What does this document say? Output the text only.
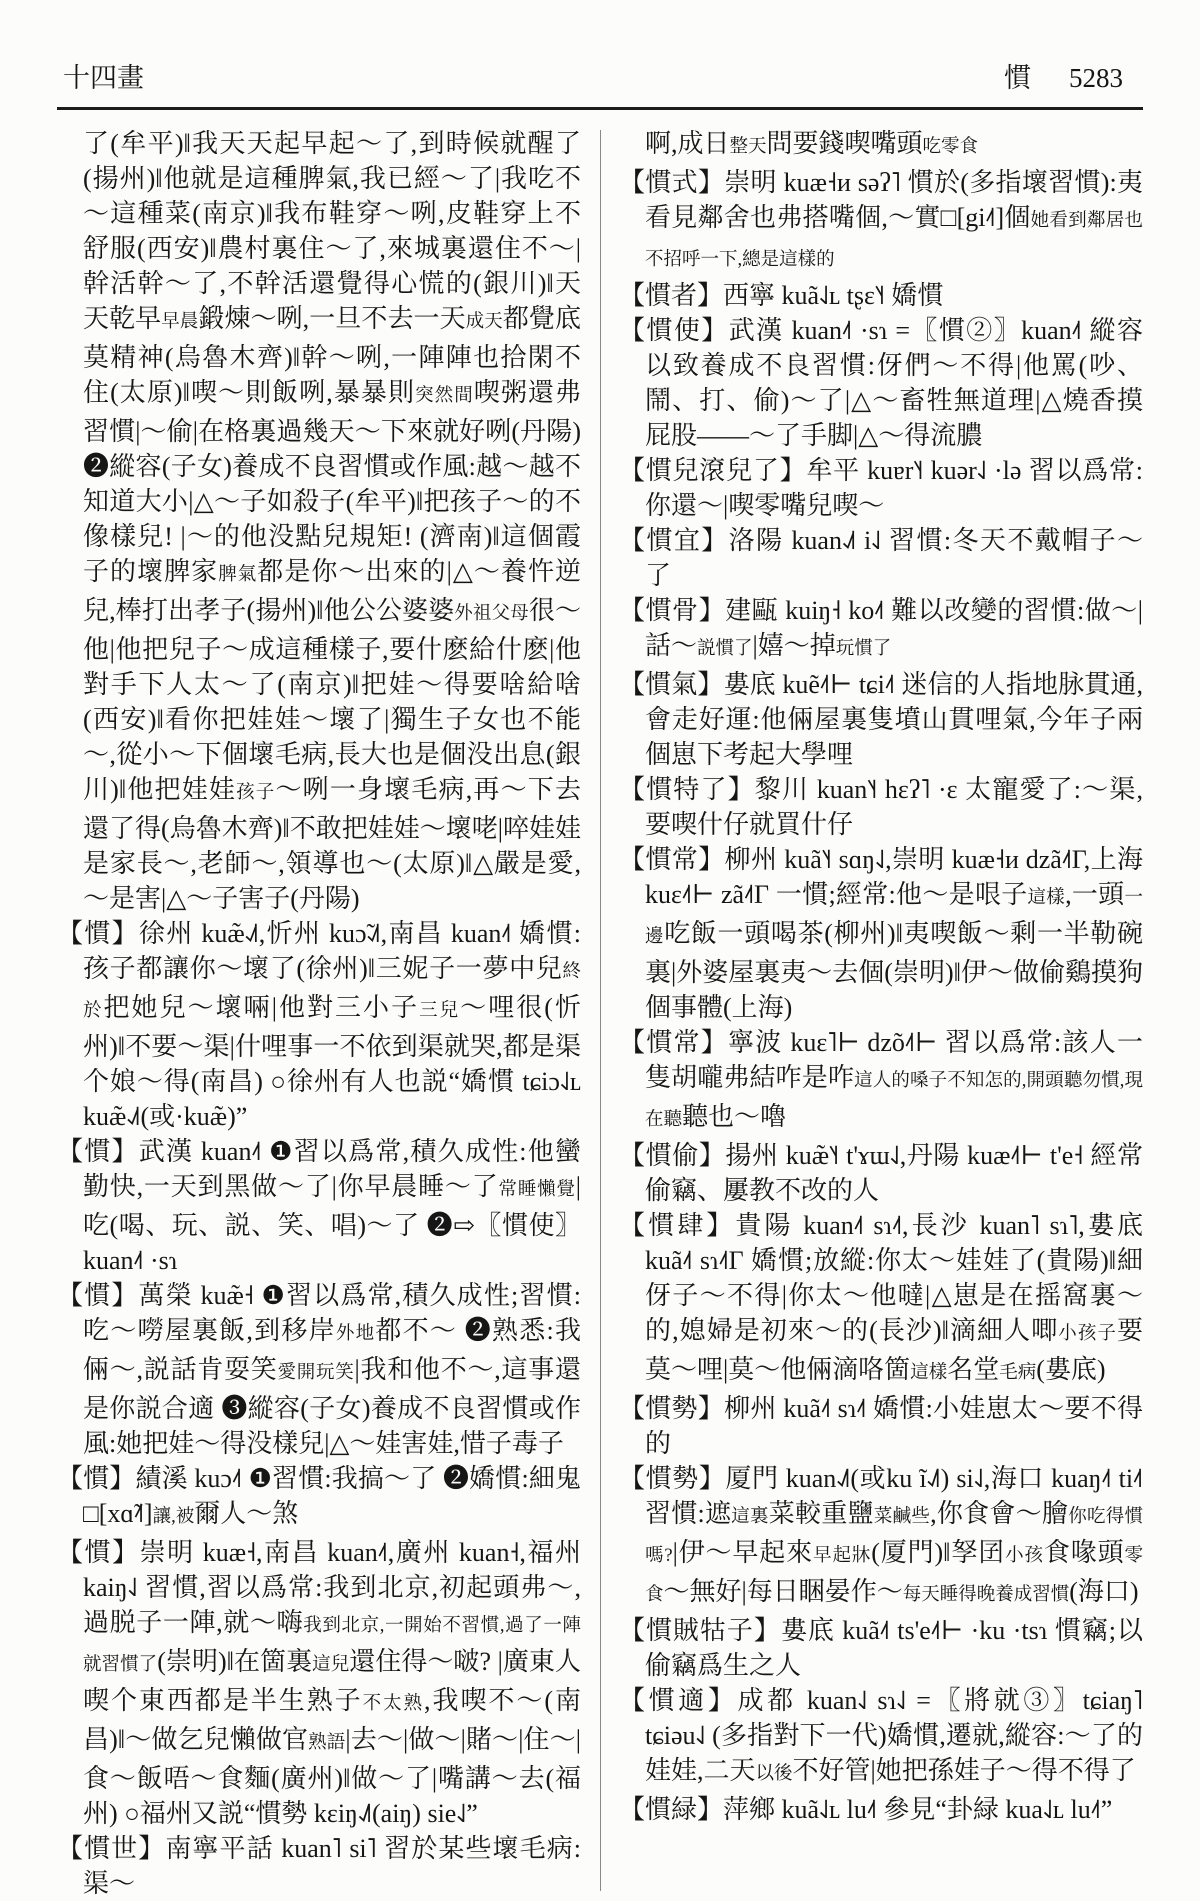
十四畫	慣 5283

了(牟平)‖我天天起早起～了,到時候就醒了(揚州)‖他就是這種脾氣,我已經～了|我吃不～這種菜(南京)‖我布鞋穿～咧,皮鞋穿上不舒服(西安)‖農村裏住～了,來城裏還住不～|幹活幹～了,不幹活還覺得心慌的(銀川)‖天天乾早早晨鍛煉～咧,一旦不去一天成天都覺底莫精神(烏魯木齊)‖幹～咧,一陣陣也拾閑不住(太原)‖喫～則飯咧,暴暴則突然間喫粥還弗習慣|～偷|在格裏過幾天～下來就好咧(丹陽) ❷縱容(子女)養成不良習慣或作風:越～越不知道大小|△～子如殺子(牟平)‖把孩子～的不像樣兒! |～的他没點兒規矩! (濟南)‖這個霞子的壞脾家脾氣都是你～出來的|△～養忤逆兒,棒打出孝子(揚州)‖他公公婆婆外祖父母很～他|他把兒子～成這種樣子,要什麽給什麽|他對手下人太～了(南京)‖把娃～得要啥給啥(西安)‖看你把娃娃～壞了|獨生子女也不能～,從小～下個壞毛病,長大也是個没出息(銀川)‖他把娃娃孩子～咧一身壞毛病,再～下去還了得(烏魯木齊)‖不敢把娃娃～壞咾|啐娃娃是家長～,老師～,領導也～(太原)‖△嚴是愛,～是害|△～子害子(丹陽)

【慣】徐州 kuæ̃˨˩˦,忻州 kuɔ̃˨˩˦,南昌 kuan˨˦ 嬌慣:孩子都讓你～壞了(徐州)‖三妮子一夢中兒終於把她兒～壞啢|他對三小子三兒～哩很(忻州)‖不要～渠|什哩事一不依到渠就哭,都是渠个娘～得(南昌) ○徐州有人也説“嬌慣 tɕiɔ˨˩ʟ kuæ̃˨˩˦(或·kuæ̃)”

【慣】武漢 kuan˨˦ ❶習以爲常,積久成性:他蠻勤快,一天到黑做～了|你早晨睡～了常睡懶覺|吃(喝、玩、説、笑、唱)～了 ❷⇨〖慣使〗kuan˨˦ ·sɿ

【慣】萬榮 kuæ̃˧ ❶習以爲常,積久成性;習慣:吃～嘮屋裏飯,到移岸外地都不～ ❷熟悉:我倆～,説話肯耍笑愛開玩笑|我和他不～,這事還是你説合適 ❸縱容(子女)養成不良習慣或作風:她把娃～得没樣兒|△～娃害娃,惜子毒子

【慣】績溪 kuɔ˨˦ ❶習慣:我搞～了 ❷嬌慣:細鬼□[xɑ̃˨˦]讓,被爾人～煞

【慣】崇明 kuæ˧,南昌 kuan˨˦,廣州 kuan˧,福州 kaiŋ˨˩ 習慣,習以爲常:我到北京,初起頭弗～,過脱子一陣,就～嗨我到北京,一開始不習慣,過了一陣就習慣了(崇明)‖在箇裏這兒還住得～啵? |廣東人喫个東西都是半生熟子不太熟,我喫不～(南昌)‖～做乞兒懶做官熟語|去～|做～|賭～|住～|食～飯唔～食麵(廣州)‖做～了|嘴講～去(福州) ○福州又説“慣勢 kɛiŋ˨˩˥(aiŋ) sie˨˩”

【慣世】南寧平話 kuan˥ si˥ 習於某些壞毛病:渠～

啊,成日整天問要錢喫嘴頭吃零食

【慣式】崇明 kuæ˧ᴎ səʔ˥ 慣於(多指壞習慣):夷看見鄰舍也弗搭嘴個,～實□[gi˨˦]個她看到鄰居也不招呼一下,總是這樣的

【慣者】西寧 kuã˨˩ʟ tʂɛ˥˧ 嬌慣

【慣使】武漢 kuan˨˦ ·sɿ =〖慣②〗kuan˨˦ 縱容以致養成不良習慣:伢們～不得|他罵(吵、鬧、打、偷)～了|△～畜牲無道理|△燒香摸屁股——～了手脚|△～得流膿

【慣兒滾兒了】牟平 kuɐr˥˧ kuər˨˩ ·lə 習以爲常:你還～|喫零嘴兒喫～

【慣宜】洛陽 kuan˨˩˦ i˨˩ 習慣:冬天不戴帽子～了

【慣骨】建甌 kuiŋ˧ ko˨˦ 難以改變的習慣:做～|話～説慣了|嬉～掉玩慣了

【慣氣】婁底 kuẽ˨˦⊢ tɕi˨˦ 迷信的人指地脉貫通,會走好運:他倆屋裏隻墳山貫哩氣,今年子兩個崽下考起大學哩

【慣特了】黎川 kuan˥˧ hɛʔ˥ ·ɛ 太寵愛了:～渠,要喫什仔就買什仔

【慣常】柳州 kuã˥˧ sɑŋ˨˩,崇明 kuæ˧ᴎ dzã˨˦Γ,上海 kuɛ˨˦⊢ zã˨˦Γ 一慣;經常:他～是哏子這樣,一頭一邊吃飯一頭喝茶(柳州)‖夷喫飯～剩一半勒碗裏|外婆屋裏夷～去個(崇明)‖伊～做偷鷄摸狗個事體(上海)

【慣常】寧波 kuɛ˥⊢ dzõ˨˦⊢ 習以爲常:該人一隻胡嚨弗結咋是咋這人的嗓子不知怎的,開頭聽勿慣,現在聽聽也～嚕

【慣偷】揚州 kuæ̃˥˧ t'ɤɯ˨˩,丹陽 kuæ˨˦⊢ t'e˧ 經常偷竊、屢教不改的人

【慣肆】貴陽 kuan˨˦ sɿ˨˦,長沙 kuan˥ sɿ˥,婁底 kuã˨˦ sɿ˨˦Γ 嬌慣;放縱:你太～娃娃了(貴陽)‖細伢子～不得|你太～他噠|△崽是在摇窩裏～的,媳婦是初來～的(長沙)‖滴細人唧小孩子要莫～哩|莫～他倆滴咯箇這樣名堂毛病(婁底)

【慣勢】柳州 kuã˨˦ sɿ˨˦ 嬌慣:小娃崽太～要不得的

【慣勢】厦門 kuan˨˩˥(或ku ĩ˨˩˥) si˨˩,海口 kuaŋ˨˦ ti˨˦ 習慣:遮這裏菜較重鹽菜鹹些,你食會～膾你吃得慣嗎?|伊～早起來早起牀(厦門)‖孥囝小孩食喙頭零食～無好|每日睏晏作～每天睡得晚養成習慣(海口)

【慣賊牯子】婁底 kuã˨˦ ts'e˨˦⊢ ·ku ·tsɿ 慣竊;以偷竊爲生之人

【慣適】成都 kuan˨˩ sɿ˨˩ =〖將就③〗tɕiaŋ˥ tɕiəu˨˩ (多指對下一代)嬌慣,遷就,縱容:～了的娃娃,二天以後不好管|她把孫娃子～得不得了

【慣緑】萍鄉 kuã˨˩ʟ lu˨˦ 參見“卦緑 kua˨˩ʟ lu˨˦”
